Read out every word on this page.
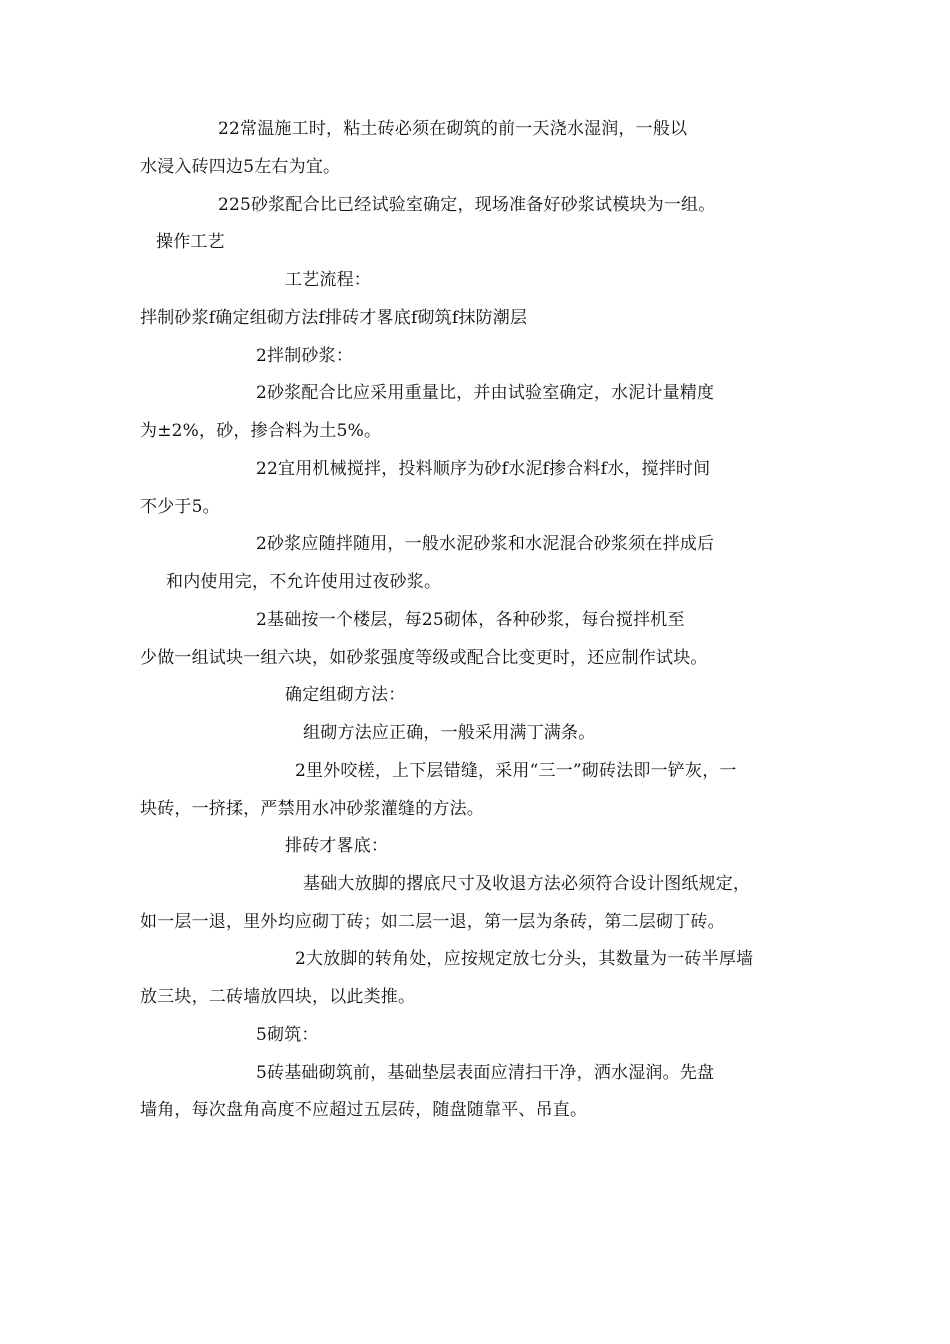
22常温施工时，粘土砖必须在砌筑的前一天浇水湿润，一般以
水浸入砖四边5左右为宜。
225砂浆配合比已经试验室确定，现场准备好砂浆试模块为一组。
操作工艺
工艺流程：
拌制砂浆f确定组砌方法f排砖才畧底f砌筑f抹防潮层
2拌制砂浆：
2砂浆配合比应采用重量比，并由试验室确定，水泥计量精度
为±2%，砂，掺合料为土5%。
22宜用机械搅拌，投料顺序为砂f水泥f掺合料f水，搅拌时间
不少于5。
2砂浆应随拌随用，一般水泥砂浆和水泥混合砂浆须在拌成后
和内使用完，不允许使用过夜砂浆。
2基础按一个楼层，每25砌体，各种砂浆，每台搅拌机至
少做一组试块一组六块，如砂浆强度等级或配合比变更时，还应制作试块。
确定组砌方法：
组砌方法应正确，一般采用满丁满条。
2里外咬槎，上下层错缝，采用“三一”砌砖法即一铲灰，一
块砖，一挤揉，严禁用水冲砂浆灌缝的方法。
排砖才畧底：
基础大放脚的撂底尺寸及收退方法必须符合设计图纸规定，
如一层一退，里外均应砌丁砖；如二层一退，第一层为条砖，第二层砌丁砖。
2大放脚的转角处，应按规定放七分头，其数量为一砖半厚墙
放三块，二砖墙放四块，以此类推。
5砌筑：
5砖基础砌筑前，基础垫层表面应清扫干净，洒水湿润。先盘
墙角，每次盘角高度不应超过五层砖，随盘随靠平、吊直。
